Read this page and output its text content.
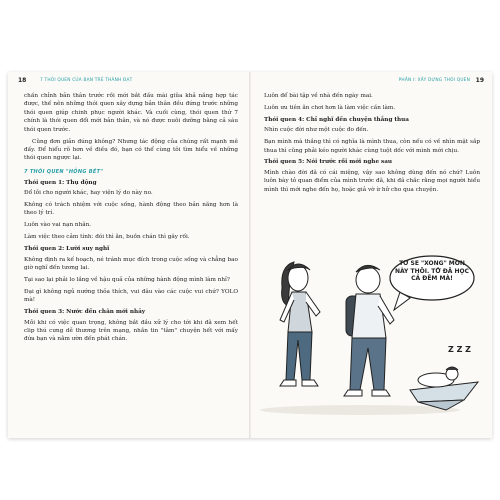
18	7 THÓI QUEN CỦA BẠN TRẺ THÀNH ĐẠT

chấn chỉnh bản thân trước rồi mới bắt đầu mài giũa khả năng hợp tác được, thế nên những thói quen xây dựng bản thân đều đứng trước những thói quen giúp chinh phục người khác. Và cuối cùng, thói quen thứ 7 chính là thói quen đổi mới bản thân, và nó được nuôi dưỡng bằng cả sáu thói quen trước.

Cũng đơn giản đúng không? Nhưng tác động của chúng rất mạnh mẽ đấy. Để hiểu rõ hơn về điều đó, bạn có thể cùng tôi tìm hiểu về những thói quen ngược lại.

7 THÓI QUEN "HỎNG BÉT"

Thói quen 1: Thụ động

Đổ lỗi cho người khác, hay viện lý do này no.

Không có trách nhiệm với cuộc sống, hành động theo bản năng hơn là theo lý trí.

Luôn vào vai nạn nhân.

Làm việc theo cảm tính: đói thì ăn, buồn chán thì gây rối.

Thói quen 2: Lười suy nghĩ

Không định ra kế hoạch, né tránh mục đích trong cuộc sống và chẳng bao giờ nghĩ đến tương lai.

Tại sao lại phải lo lắng về hậu quả của những hành động mình làm nhỉ?

Đại gì không ngủ nướng thỏa thích, vui đâu vào các cuộc vui chứ? YOLO mà!

Thói quen 3: Nước đến chân mới nhảy

Mỗi khi có việc quan trọng, không bắt đầu xử lý cho tới khi đã xem hết clip thú cưng dễ thương trên mạng, nhắn tin "tâm" chuyện hết với mấy đứa bạn và nằm ườn đến phát chán.

PHẦN I: XÂY DỰNG THÓI QUEN 19

Luôn để bài tập về nhà đến ngày mai.

Luôn ưu tiên ăn chơi hơn là làm việc cần làm.

Thói quen 4: Chỉ nghĩ đến chuyện thắng thua

Nhìn cuộc đời như một cuộc đo đến.

Bạn mình mà thắng thì có nghĩa là mình thua, còn nếu có về nhìn mặt sắp thua thì cũng phải kéo người khác cùng tuột dốc với mình mới chịu.

Thói quen 5: Nói trước rồi mới nghe sau

Mình chào đời đã có cái miệng, vậy sao không dùng đến nó chứ? Luôn luôn bày tỏ quan điểm của mình trước đã, khi đã chắc rằng mọi người hiểu mình thì mới nghe đến họ, hoặc giả vờ ừ hử cho qua chuyện.

TỚ SẼ "XONG" MÔN NÀY THÔI. TỚ ĐÃ HỌC CẢ ĐÊM MÀ!
Z Z Z
